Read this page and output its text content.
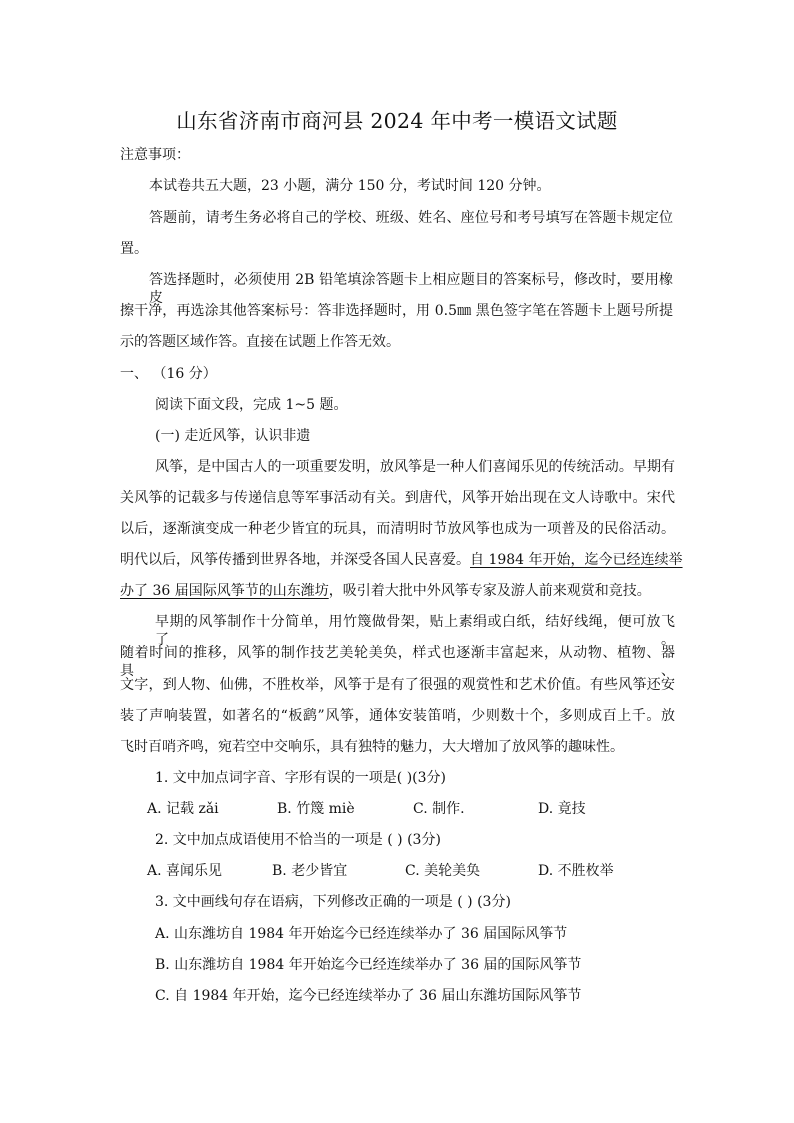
山东省济南市商河县 2024 年中考一模语文试题
注意事项：
本试卷共五大题，23 小题，满分 150 分，考试时间 120 分钟。
答题前，请考生务必将自己的学校、班级、姓名、座位号和考号填写在答题卡规定位
置。
答选择题时，必须使用 2B 铅笔填涂答题卡上相应题目的答案标号，修改时，要用橡皮
擦干净，再选涂其他答案标号：答非选择题时，用 0.5㎜ 黑色签字笔在答题卡上题号所提
示的答题区域作答。直接在试题上作答无效。
一、 （16 分）
阅读下面文段，完成 1~5 题。
(一) 走近风筝，认识非遗
风筝，是中国古人的一项重要发明，放风筝是一种人们喜闻乐见的传统活动。早期有
关风筝的记载多与传递信息等军事活动有关。到唐代，风筝开始出现在文人诗歌中。宋代
以后，逐渐演变成一种老少皆宜的玩具，而清明时节放风筝也成为一项普及的民俗活动。
明代以后，风筝传播到世界各地，并深受各国人民喜爱。自 1984 年开始，迄今已经连续举
办了 36 届国际风筝节的山东潍坊，吸引着大批中外风筝专家及游人前来观赏和竞技。
早期的风筝制作十分简单，用竹篾做骨架，贴上素绢或白纸，结好线绳，便可放飞了。
随着时间的推移，风筝的制作技艺美轮美奂，样式也逐渐丰富起来，从动物、植物、器具、
文字，到人物、仙佛，不胜枚举，风筝于是有了很强的观赏性和艺术价值。有些风筝还安
装了声响装置，如著名的“板鹞”风筝，通体安装笛哨，少则数十个，多则成百上千。放
飞时百哨齐鸣，宛若空中交响乐，具有独特的魅力，大大增加了放风筝的趣味性。
1. 文中加点词字音、字形有误的一项是( )(3分)
A. 记载 zǎi	B. 竹篾 miè	C. 制作.	D. 竟技
2. 文中加点成语使用不恰当的一项是 ( ) (3分)
A. 喜闻乐见	B. 老少皆宜	C. 美轮美奂	D. 不胜枚举
3. 文中画线句存在语病，下列修改正确的一项是 ( ) (3分)
A. 山东潍坊自 1984 年开始迄今已经连续举办了 36 届国际风筝节
B. 山东潍坊自 1984 年开始迄今已经连续举办了 36 届的国际风筝节
C. 自 1984 年开始，迄今已经连续举办了 36 届山东潍坊国际风筝节
